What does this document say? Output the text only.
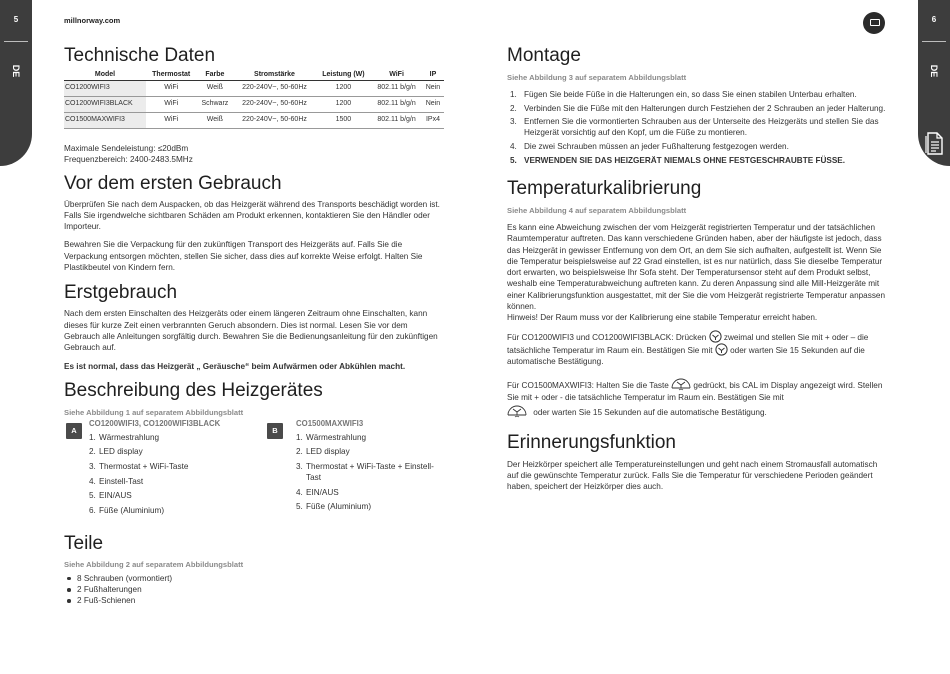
5
DE
6
DE
millnorway.com
Technische Daten
Model	Thermostat	Farbe	Stromstärke	Leistung (W)	WiFi	IP
CO1200WIFI3	WiFi	Weiß	220-240V~, 50-60Hz	1200	802.11 b/g/n	Nein
CO1200WIFI3BLACK	WiFi	Schwarz	220-240V~, 50-60Hz	1200	802.11 b/g/n	Nein
CO1500MAXWIFI3	WiFi	Weiß	220-240V~, 50-60Hz	1500	802.11 b/g/n	IPx4

Maximale Sendeleistung: ≤20dBm

Frequenzbereich: 2400-2483.5MHz

Vor dem ersten Gebrauch

Überprüfen Sie nach dem Auspacken, ob das Heizgerät während des Transports beschädigt worden ist. Falls Sie irgendwelche sichtbaren Schäden am Produkt erkennen, kontaktieren Sie den Händler oder Importeur.

Bewahren Sie die Verpackung für den zukünftigen Transport des Heizgeräts auf. Falls Sie die Verpackung entsorgen möchten, stellen Sie sicher, dass dies auf korrekte Weise erfolgt. Halten Sie Plastikbeutel von Kindern fern.

Erstgebrauch

Nach dem ersten Einschalten des Heizgeräts oder einem längeren Zeitraum ohne Einschalten, kann dieses für kurze Zeit einen verbrannten Geruch absondern. Dies ist normal. Lesen Sie vor dem Gebrauch alle Anleitungen sorgfältig durch. Bewahren Sie die Bedienungsanleitung für den zukünftigen Gebrauch auf.

Es ist normal, dass das Heizgerät „ Geräusche“ beim Aufwärmen oder Abkühlen macht.

Beschreibung des Heizgerätes
Siehe Abbildung 1 auf separatem Abbildungsblatt
A
CO1200WIFI3, CO1200WIFI3BLACK
1. Wärmestrahlung
2. LED display
3. Thermostat + WiFi-Taste
4. Einstell-Tast
5. EIN/AUS
6. Füße (Aluminium)
B
CO1500MAXWIFI3
1. Wärmestrahlung
2. LED display
3. Thermostat + WiFi-Taste + Einstell-Tast
4. EIN/AUS
5. Füße (Aluminium)
Teile
Siehe Abbildung 2 auf separatem Abbildungsblatt
8 Schrauben (vormontiert)
2 Fußhalterungen
2 Fuß-Schienen
Montage
Siehe Abbildung 3 auf separatem Abbildungsblatt
1. Fügen Sie beide Füße in die Halterungen ein, so dass Sie einen stabilen Unterbau erhalten.
2. Verbinden Sie die Füße mit den Halterungen durch Festziehen der 2 Schrauben an jeder Halterung.
3. Entfernen Sie die vormontierten Schrauben aus der Unterseite des Heizgeräts und stellen Sie das Heizgerät vorsichtig auf den Kopf, um die Füße zu montieren.
4. Die zwei Schrauben müssen an jeder Fußhalterung festgezogen werden.
5. VERWENDEN SIE DAS HEIZGERÄT NIEMALS OHNE FESTGESCHRAUBTE FÜSSE.
Temperaturkalibrierung
Siehe Abbildung 4 auf separatem Abbildungsblatt

Es kann eine Abweichung zwischen der vom Heizgerät registrierten Temperatur und der tatsächlichen Raumtemperatur auftreten. Das kann verschiedene Gründen haben, aber der häufigste ist jedoch, dass das Heizgerät in gewisser Entfernung von dem Ort, an dem Sie sich aufhalten, aufgestellt ist. Wenn Sie die Temperatur beispielsweise auf 22 Grad einstellen, ist es nur natürlich, dass Sie dieselbe Temperatur dort erwarten, wo beispielsweise Ihr Sofa steht. Der Temperatursensor steht auf dem Produkt selbst, weshalb eine Temperaturabweichung auftreten kann. Zu deren Anpassung sind alle Mill-Heizgeräte mit einer Kalibrierungsfunktion ausgestattet, mit der Sie die vom Heizgerät registrierte Temperatur anpassen können.
Hinweis! Der Raum muss vor der Kalibrierung eine stabile Temperatur erreicht haben.

Für CO1200WIFI3 und CO1200WIFI3BLACK: Drücken  zweimal und stellen Sie mit + oder – die tatsächliche Temperatur im Raum ein. Bestätigen Sie mit  oder warten Sie 15 Sekunden auf die automatische Bestätigung.

Für CO1500MAXWIFI3: Halten Sie die Taste  gedrückt, bis CAL im Display angezeigt wird. Stellen Sie mit + oder - die tatsächliche Temperatur im Raum ein. Bestätigen Sie mit
oder warten Sie 15 Sekunden auf die automatische Bestätigung.

Erinnerungsfunktion

Der Heizkörper speichert alle Temperatureinstellungen und geht nach einem Stromausfall automatisch auf die gewünschte Temperatur zurück. Falls Sie die Temperatur für verschiedene Perioden geändert haben, speichert der Heizkörper dies auch.
